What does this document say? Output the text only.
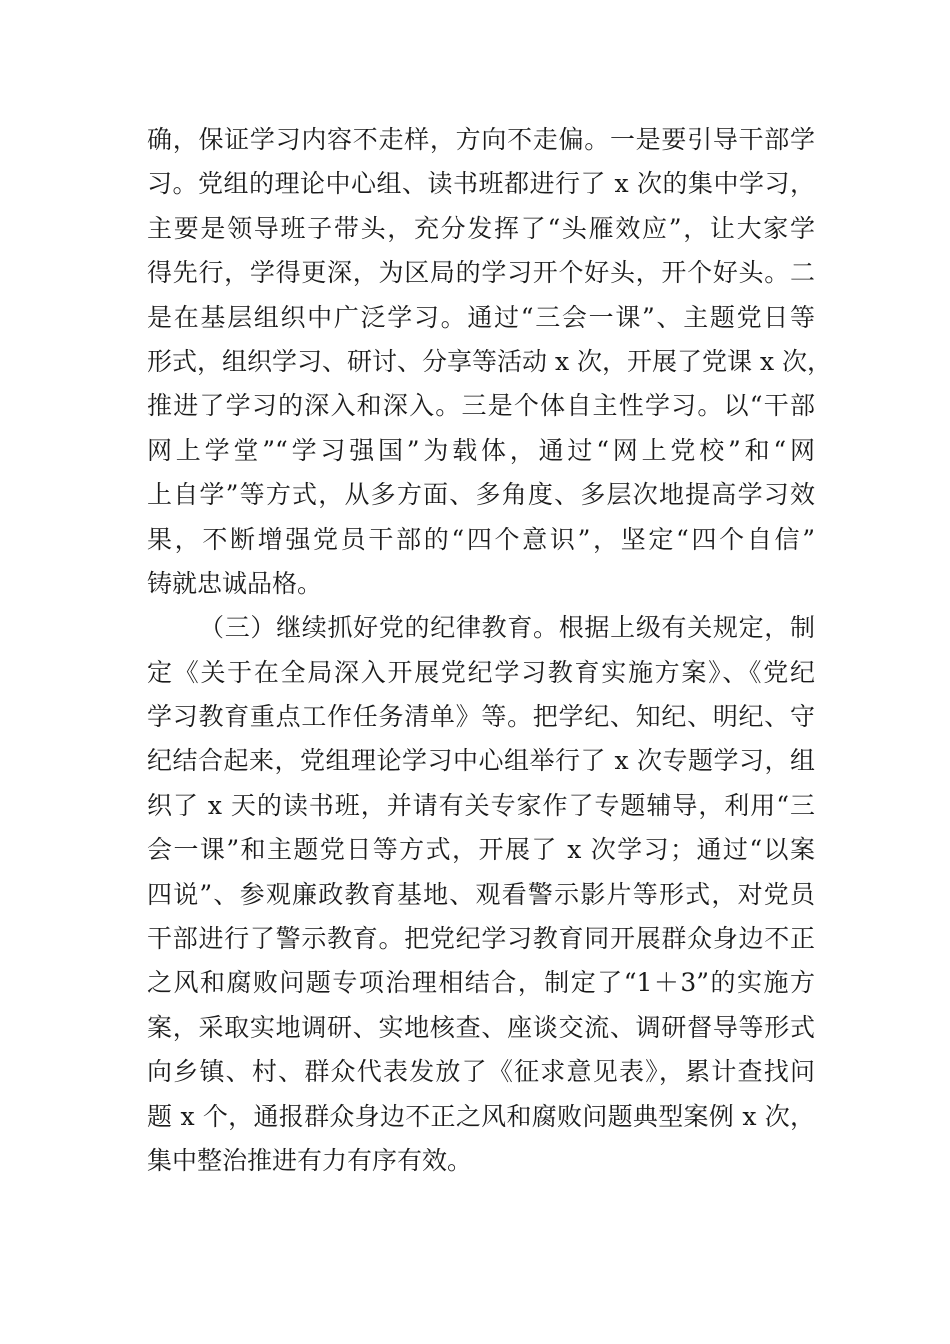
确，保证学习内容不走样，方向不走偏。一是要引导干部学
习。党组的理论中心组、读书班都进行了 x 次的集中学习，
主要是领导班子带头，充分发挥了“头雁效应”，让大家学
得先行，学得更深，为区局的学习开个好头，开个好头。二
是在基层组织中广泛学习。通过“三会一课”、主题党日等
形式，组织学习、研讨、分享等活动 x 次，开展了党课 x 次，
推进了学习的深入和深入。三是个体自主性学习。以“干部
网上学堂”“学习强国”为载体，通过“网上党校”和“网
上自学”等方式，从多方面、多角度、多层次地提高学习效
果，不断增强党员干部的“四个意识”，坚定“四个自信”
铸就忠诚品格。
（三）继续抓好党的纪律教育。根据上级有关规定，制
定《关于在全局深入开展党纪学习教育实施方案》、《党纪
学习教育重点工作任务清单》等。把学纪、知纪、明纪、守
纪结合起来，党组理论学习中心组举行了 x 次专题学习，组
织了 x 天的读书班，并请有关专家作了专题辅导，利用“三
会一课”和主题党日等方式，开展了 x 次学习；通过“以案
四说”、参观廉政教育基地、观看警示影片等形式，对党员
干部进行了警示教育。把党纪学习教育同开展群众身边不正
之风和腐败问题专项治理相结合，制定了“1＋3”的实施方
案，采取实地调研、实地核查、座谈交流、调研督导等形式
向乡镇、村、群众代表发放了《征求意见表》，累计查找问
题 x 个，通报群众身边不正之风和腐败问题典型案例 x 次，
集中整治推进有力有序有效。
